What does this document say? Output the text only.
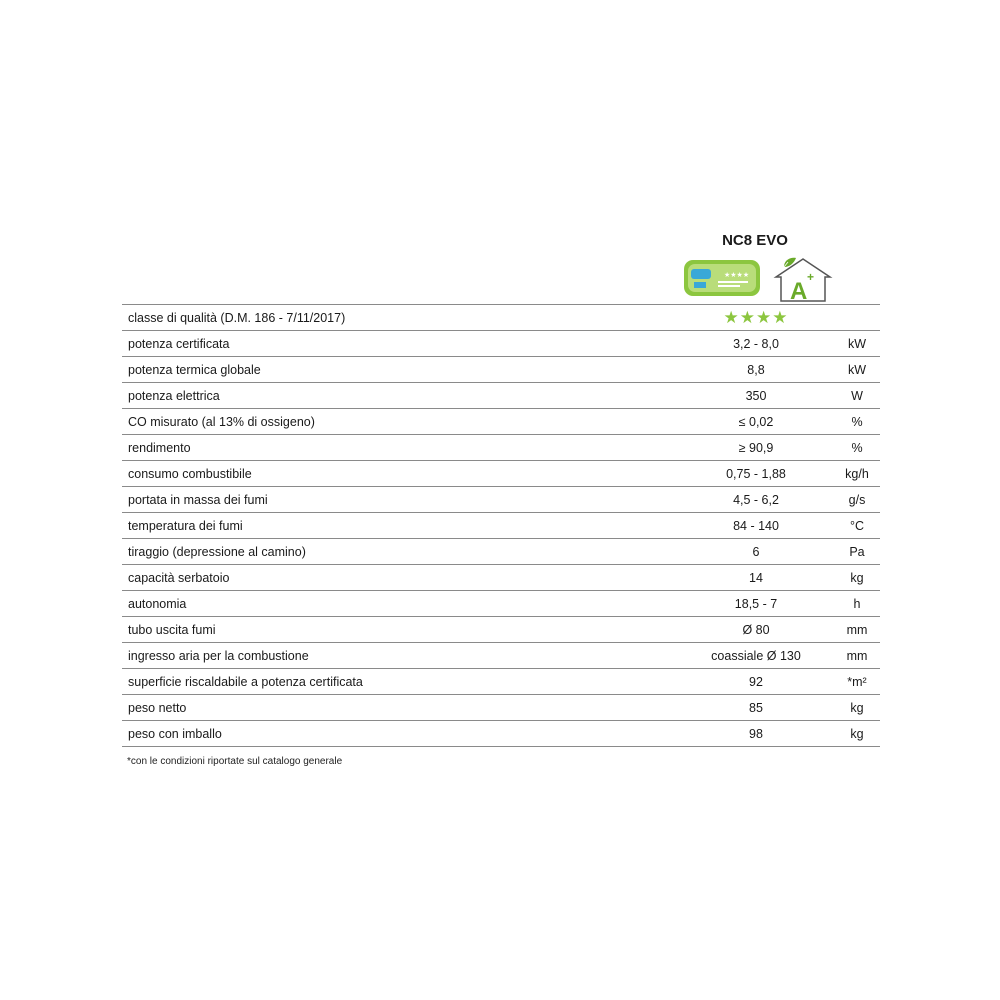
NC8 EVO
★★★★
A
+
classe di qualità (D.M. 186 - 7/11/2017)	★★★★
potenza certificata	3,2 - 8,0	kW
potenza termica globale	8,8	kW
potenza elettrica	350	W
CO misurato (al 13% di ossigeno)	≤ 0,02	%
rendimento	≥ 90,9	%
consumo combustibile	0,75 - 1,88	kg/h
portata in massa dei fumi	4,5 - 6,2	g/s
temperatura dei fumi	84 - 140	°C
tiraggio (depressione al camino)	6	Pa
capacità serbatoio	14	kg
autonomia	18,5 - 7	h
tubo uscita fumi	Ø 80	mm
ingresso aria per la combustione	coassiale Ø 130	mm
superficie riscaldabile a potenza certificata	92	*m²
peso netto	85	kg
peso con imballo	98	kg
*con le condizioni riportate sul catalogo generale
